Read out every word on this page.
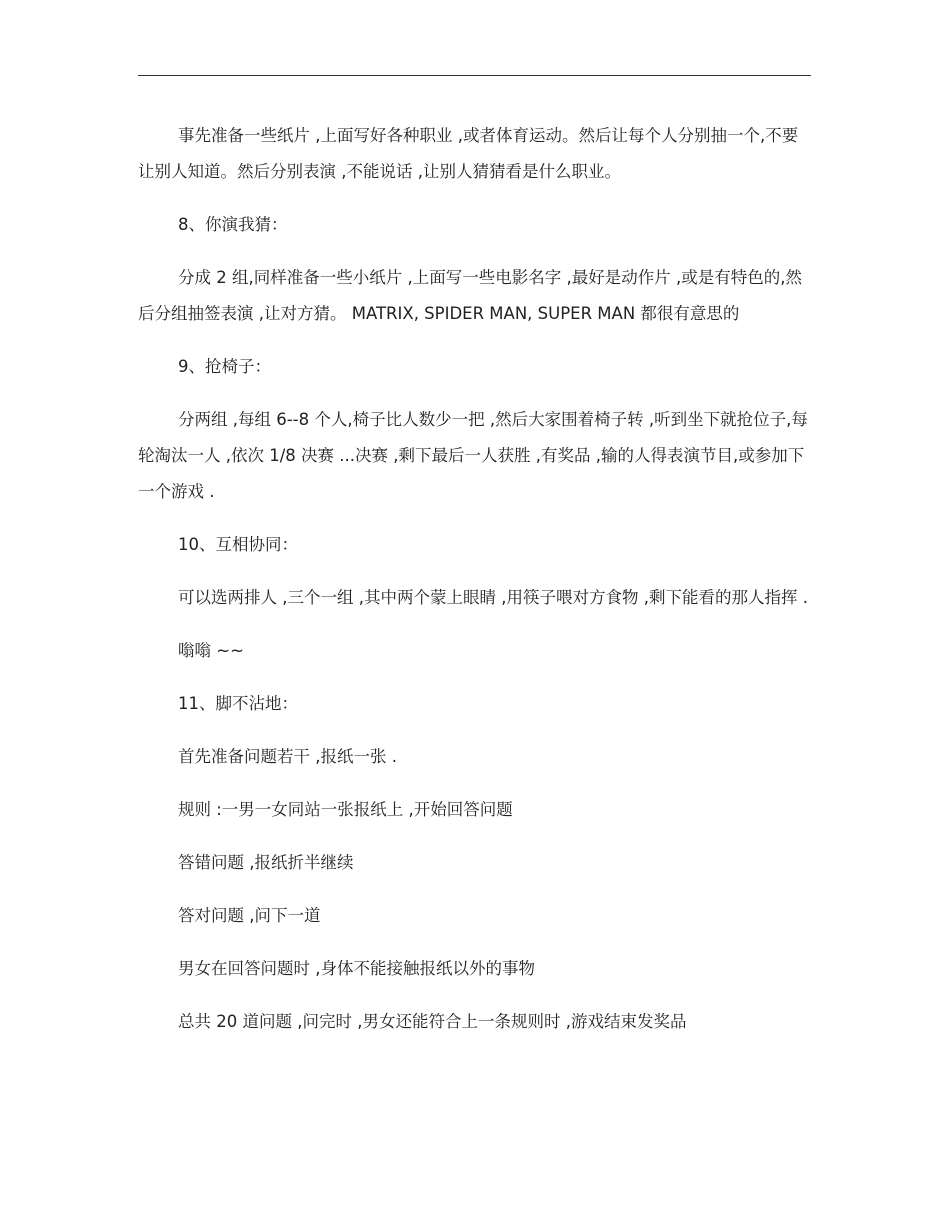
事先准备一些纸片 ,上面写好各种职业 ,或者体育运动。然后让每个人分别抽一个,不要让别人知道。然后分别表演 ,不能说话 ,让别人猜猜看是什么职业。

8、你演我猜：

分成 2 组,同样准备一些小纸片 ,上面写一些电影名字 ,最好是动作片 ,或是有特色的,然后分组抽签表演 ,让对方猜。 MATRIX, SPIDER MAN, SUPER MAN 都很有意思的

9、抢椅子：

分两组 ,每组 6--8 个人,椅子比人数少一把 ,然后大家围着椅子转 ,听到坐下就抢位子,每轮淘汰一人 ,依次 1/8 决赛 ...决赛 ,剩下最后一人获胜 ,有奖品 ,输的人得表演节目,或参加下一个游戏 .

10、互相协同：

可以选两排人 ,三个一组 ,其中两个蒙上眼睛 ,用筷子喂对方食物 ,剩下能看的那人指挥 .

嗡嗡 ~~

11、脚不沾地：

首先准备问题若干 ,报纸一张 .

规则 :一男一女同站一张报纸上 ,开始回答问题

答错问题 ,报纸折半继续

答对问题 ,问下一道

男女在回答问题时 ,身体不能接触报纸以外的事物

总共 20 道问题 ,问完时 ,男女还能符合上一条规则时 ,游戏结束发奖品
